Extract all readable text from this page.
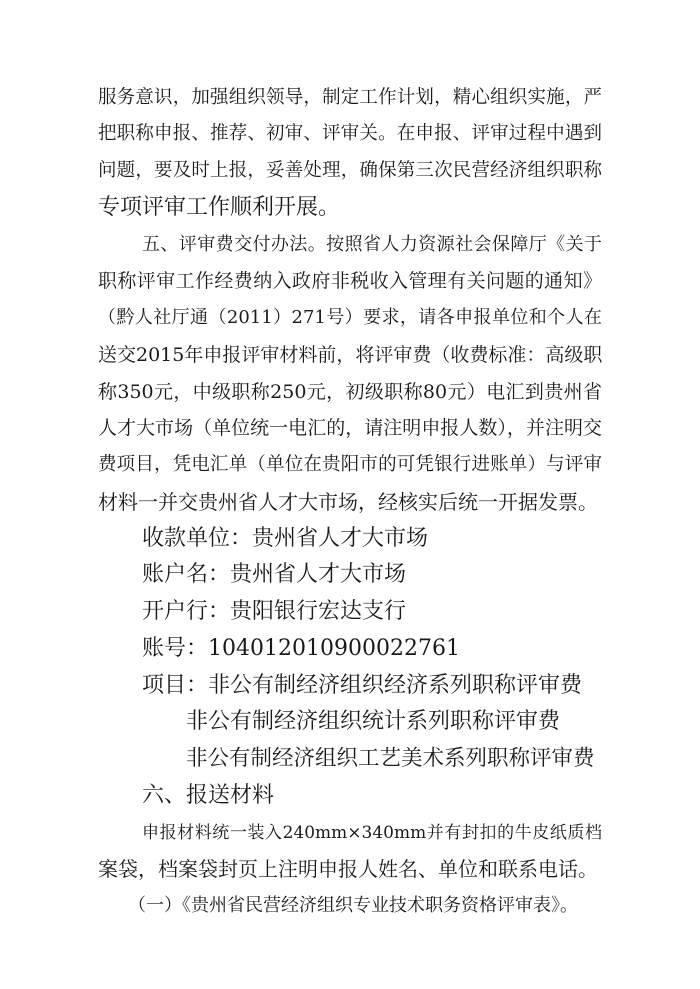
服务意识，加强组织领导，制定工作计划，精心组织实施，严
把职称申报、推荐、初审、评审关。在申报、评审过程中遇到
问题，要及时上报，妥善处理，确保第三次民营经济组织职称
专项评审工作顺利开展。
五、评审费交付办法。按照省人力资源社会保障厅《关于
职称评审工作经费纳入政府非税收入管理有关问题的通知》
（黔人社厅通（2011）271号）要求，请各申报单位和个人在
送交2015年申报评审材料前，将评审费（收费标准：高级职
称350元，中级职称250元，初级职称80元）电汇到贵州省
人才大市场（单位统一电汇的，请注明申报人数），并注明交
费项目，凭电汇单（单位在贵阳市的可凭银行进账单）与评审
材料一并交贵州省人才大市场，经核实后统一开据发票。
收款单位：贵州省人才大市场
账户名：贵州省人才大市场
开户行：贵阳银行宏达支行
账号：104012010900022761
项目：非公有制经济组织经济系列职称评审费
非公有制经济组织统计系列职称评审费
非公有制经济组织工艺美术系列职称评审费
六、报送材料
申报材料统一装入240mm×340mm并有封扣的牛皮纸质档
案袋，档案袋封页上注明申报人姓名、单位和联系电话。
（一）《贵州省民营经济组织专业技术职务资格评审表》。
